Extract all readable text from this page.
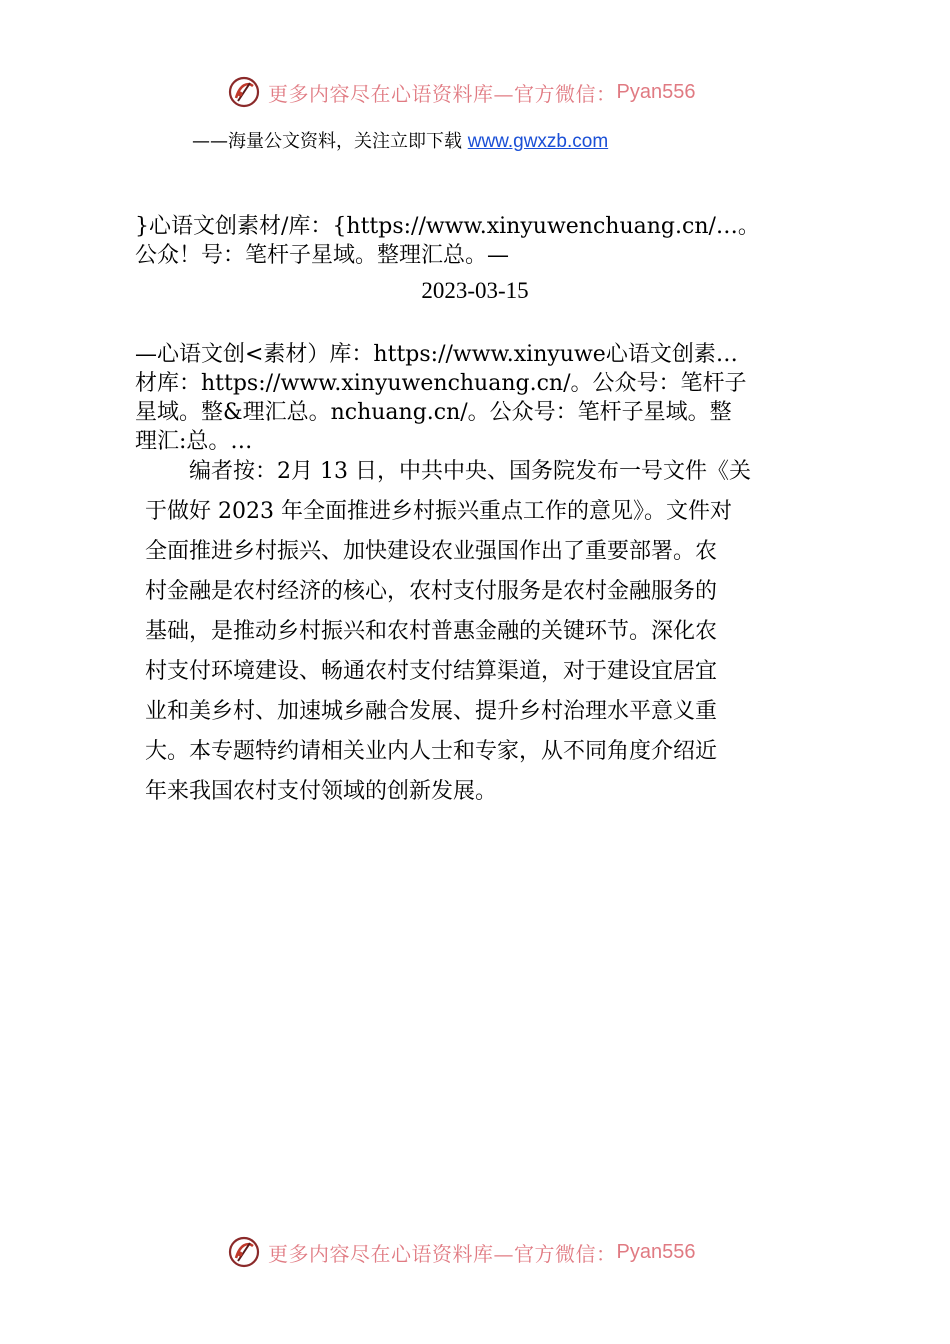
更多内容尽在心语资料库—官方微信： Pyan556
——海量公文资料，关注立即下载 www.gwxzb.com
}心语文创素材/库：{https://www.xinyuwenchuang.cn/…。
公众！号：笔杆子星域。整理汇总。—
2023-03-15
—心语文创<素材）库：https://www.xinyuwe心语文创素…
材库：https://www.xinyuwenchuang.cn/。公众号：笔杆子
星域。整&理汇总。nchuang.cn/。公众号：笔杆子星域。整
理汇:总。…
　　编者按：2月 13 日，中共中央、国务院发布一号文件《关
于做好 2023 年全面推进乡村振兴重点工作的意见》。文件对
全面推进乡村振兴、加快建设农业强国作出了重要部署。农
村金融是农村经济的核心，农村支付服务是农村金融服务的
基础，是推动乡村振兴和农村普惠金融的关键环节。深化农
村支付环境建设、畅通农村支付结算渠道，对于建设宜居宜
业和美乡村、加速城乡融合发展、提升乡村治理水平意义重
大。本专题特约请相关业内人士和专家，从不同角度介绍近
年来我国农村支付领域的创新发展。
更多内容尽在心语资料库—官方微信： Pyan556
